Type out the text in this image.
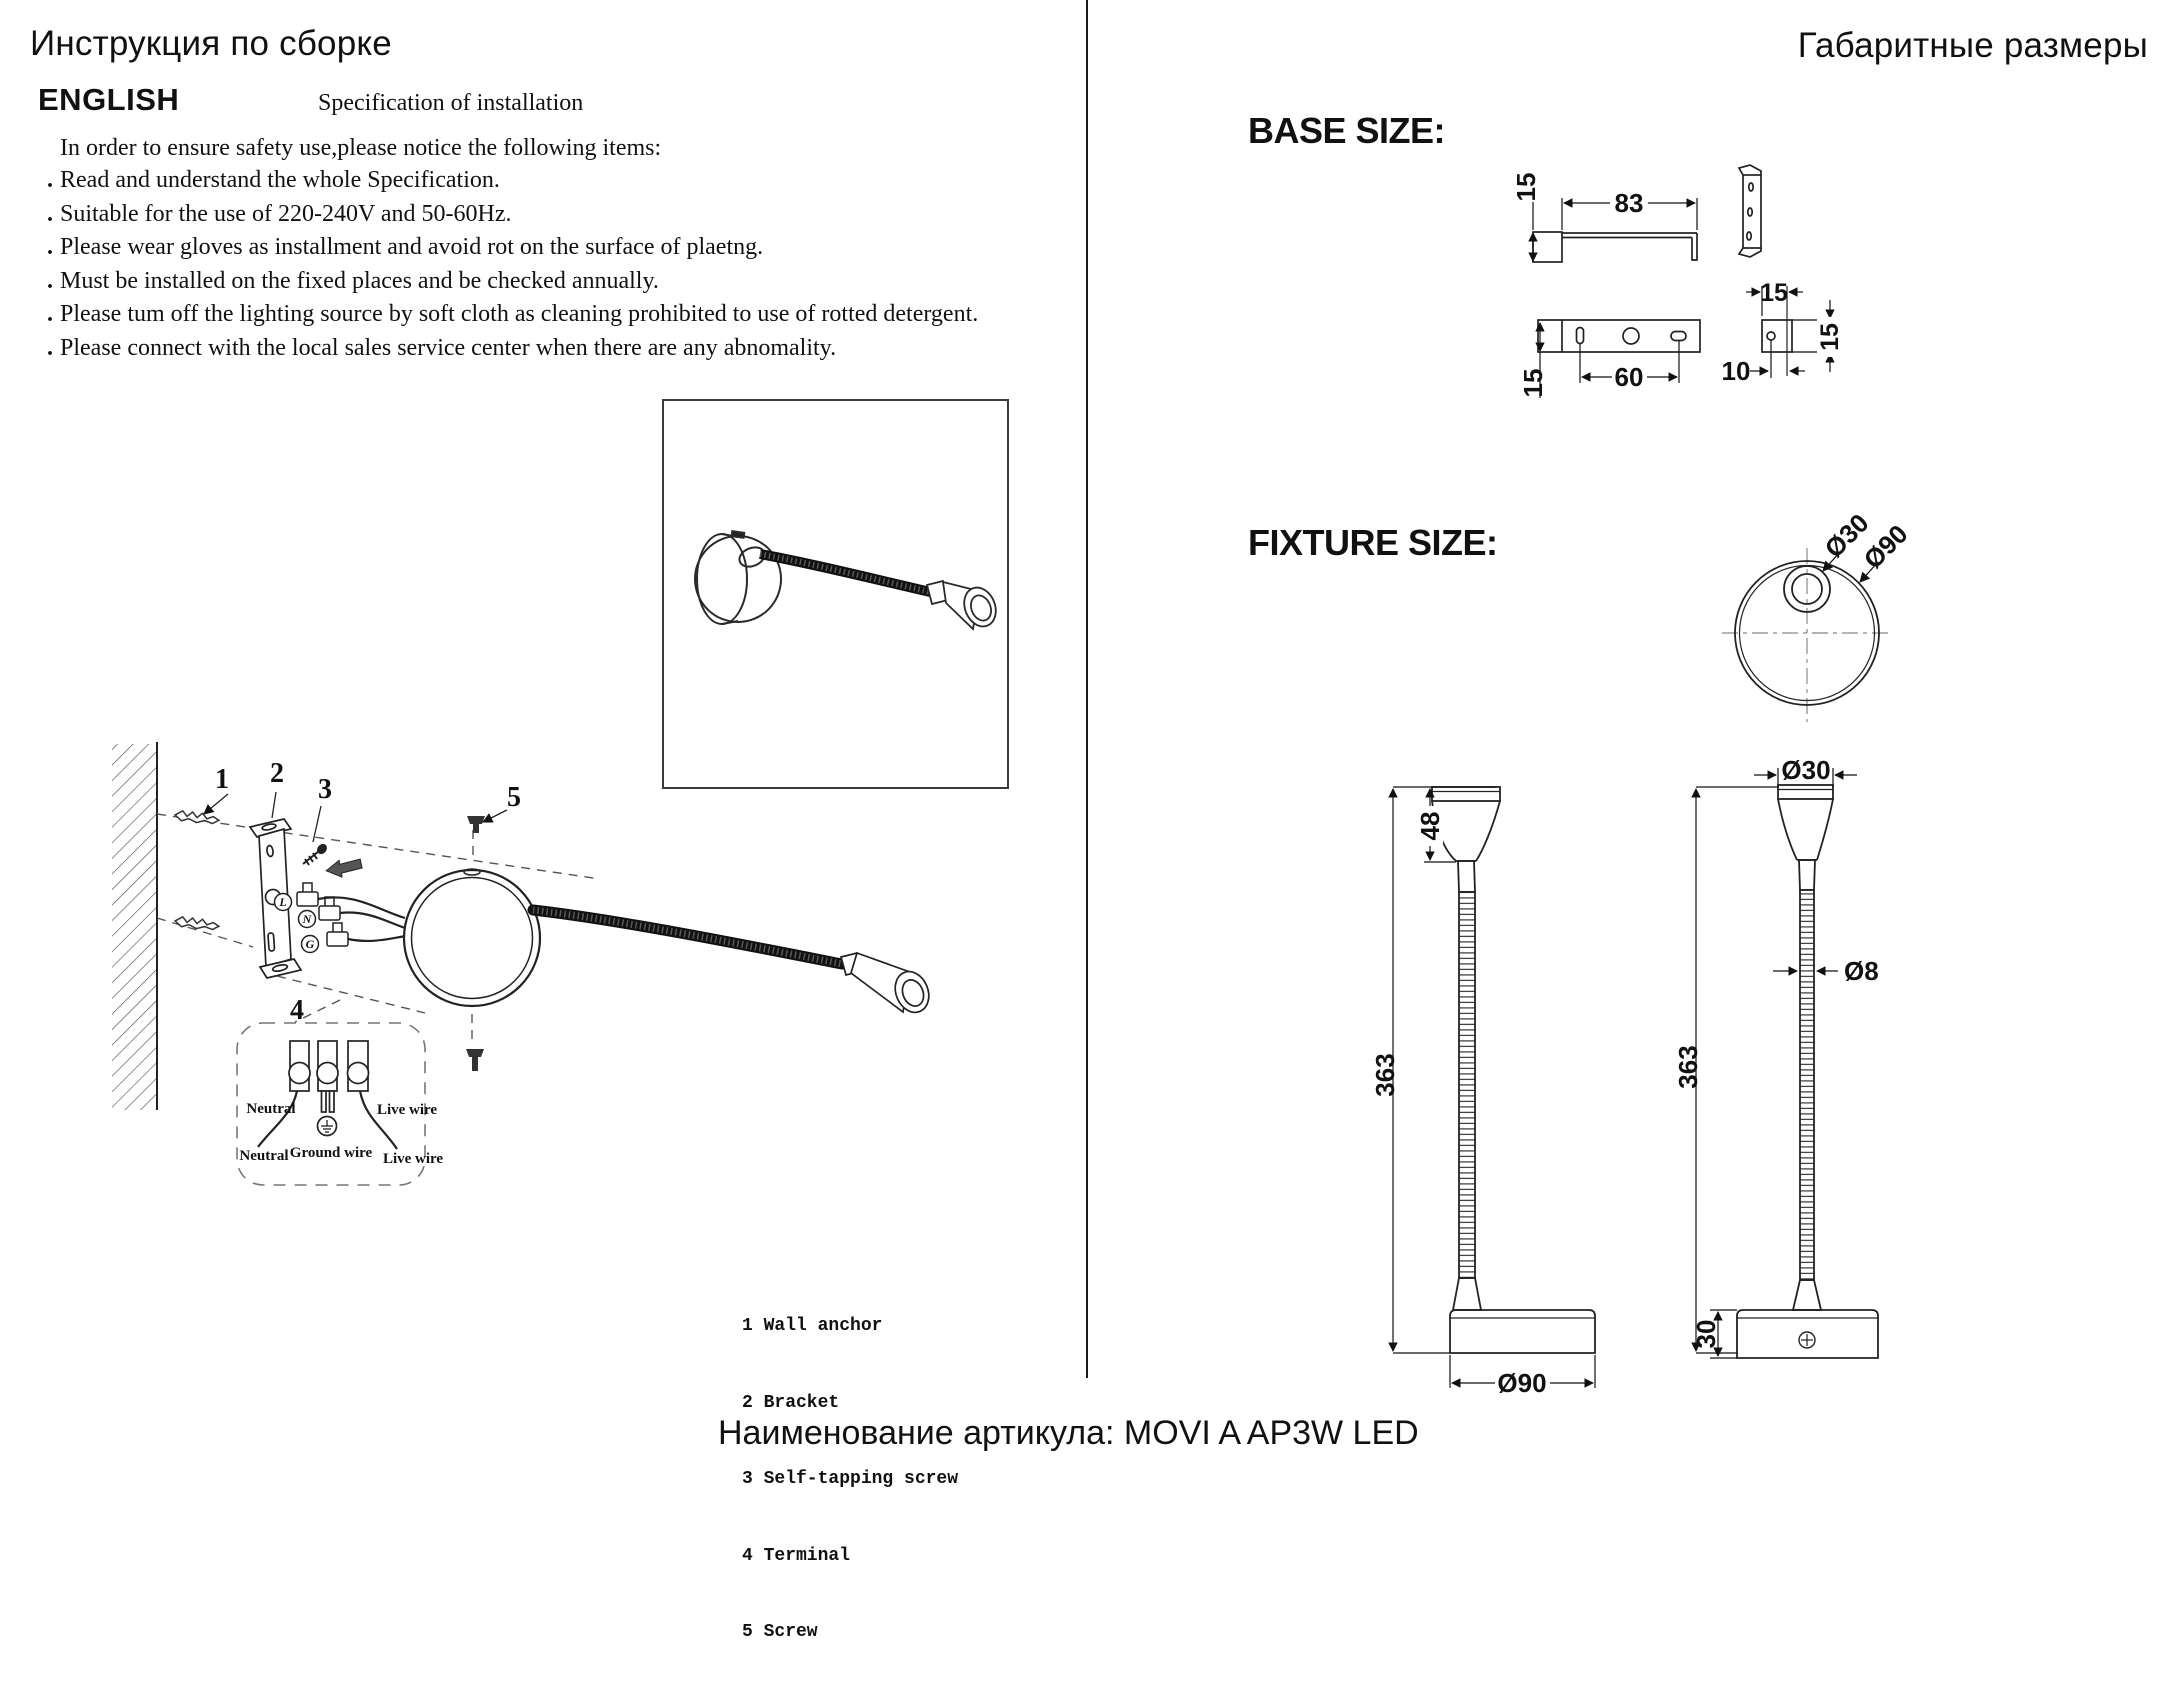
Инструкция по сборке
ENGLISH	Specification of installation
In order to ensure safety use,please notice the following items:
. Read and understand the whole Specification.
. Suitable for the use of 220-240V and 50-60Hz.
. Please wear gloves as installment and avoid rot on the surface of plaetng.
. Must be installed on the fixed places and be checked annually.
. Please tum off the lighting source by soft cloth as cleaning prohibited to use of rotted detergent.
. Please connect with the local sales service center when there are any abnomality.
L
N
G
1 2
3	5
4
Neutral	Live wire
Neutral Ground wire Live wire

1 Wall anchor

2 Bracket

3 Self-tapping screw

4 Terminal

5 Screw

Габаритные размеры
BASE SIZE:
FIXTURE SIZE:
83
15
60
15
15
15
10
Ø30
Ø90
48
363
Ø90
Ø30
363
Ø8
30
Наименование артикула: MOVI A AP3W LED
